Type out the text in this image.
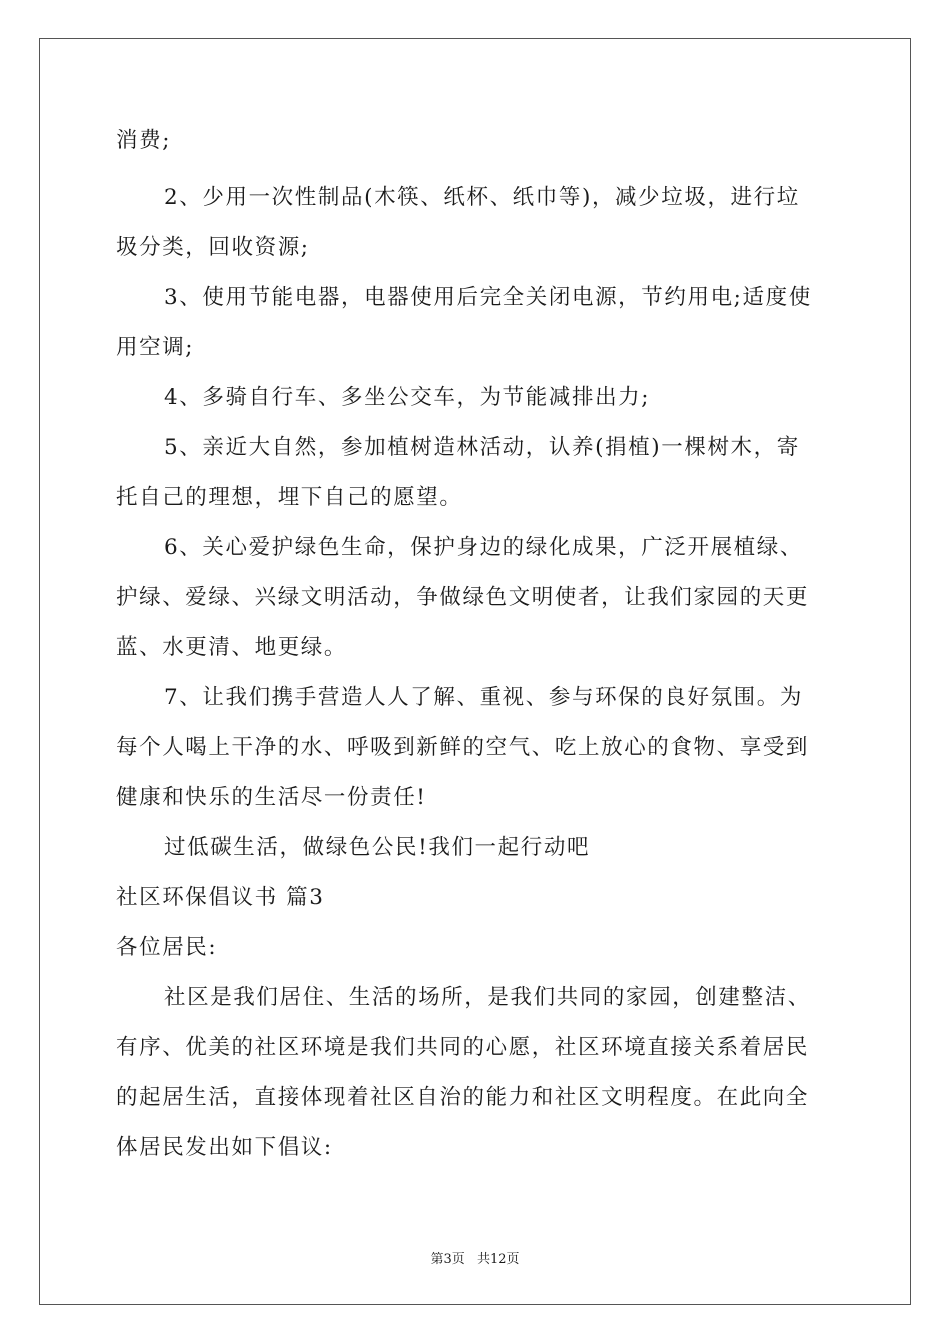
消费;
2、少用一次性制品(木筷、纸杯、纸巾等)，减少垃圾，进行垃
圾分类，回收资源;
3、使用节能电器，电器使用后完全关闭电源，节约用电;适度使
用空调;
4、多骑自行车、多坐公交车，为节能减排出力;
5、亲近大自然，参加植树造林活动，认养(捐植)一棵树木，寄
托自己的理想，埋下自己的愿望。
6、关心爱护绿色生命，保护身边的绿化成果，广泛开展植绿、
护绿、爱绿、兴绿文明活动，争做绿色文明使者，让我们家园的天更
蓝、水更清、地更绿。
7、让我们携手营造人人了解、重视、参与环保的良好氛围。为
每个人喝上干净的水、呼吸到新鲜的空气、吃上放心的食物、享受到
健康和快乐的生活尽一份责任!
过低碳生活，做绿色公民!我们一起行动吧
社区环保倡议书 篇3
各位居民:
社区是我们居住、生活的场所，是我们共同的家园，创建整洁、
有序、优美的社区环境是我们共同的心愿，社区环境直接关系着居民
的起居生活，直接体现着社区自治的能力和社区文明程度。在此向全
体居民发出如下倡议:
第3页 共12页
